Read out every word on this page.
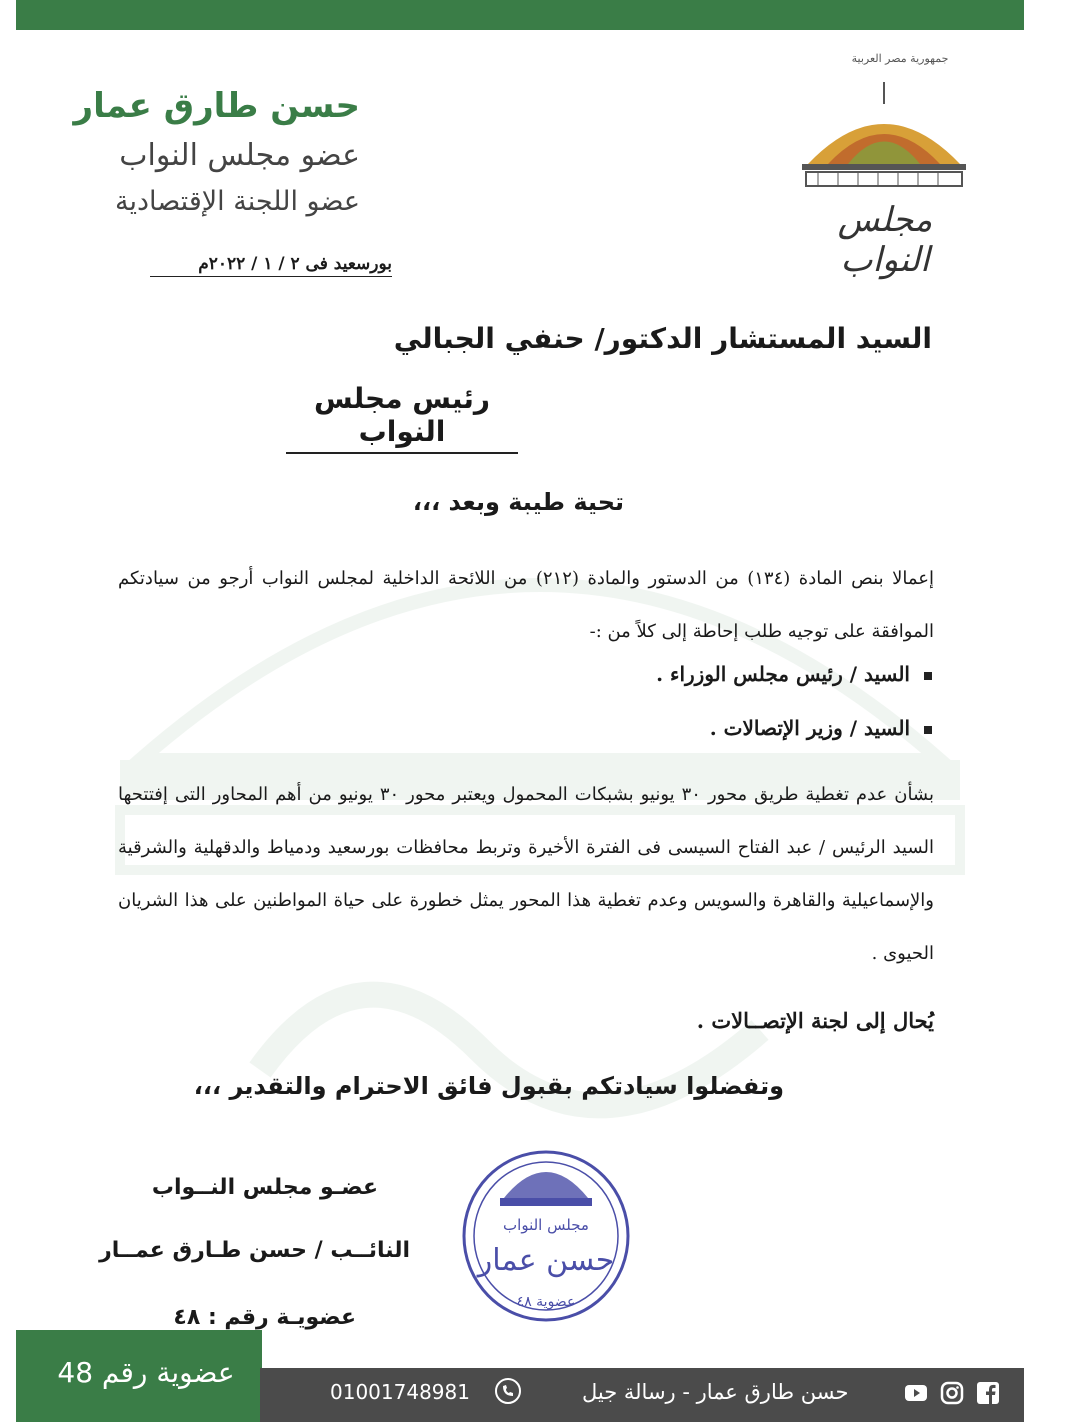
جمهورية مصر العربية
مجلس النواب
حسن طارق عمار
عضو مجلس النواب
عضو اللجنة الإقتصادية
بورسعيد فى ٢ / ١ / ٢٠٢٢م
السيد المستشار الدكتور/ حنفي الجبالي
رئيس مجلس النواب
تحية طيبة وبعد ،،،
إعمالا بنص المادة (١٣٤) من الدستور والمادة (٢١٢) من اللائحة الداخلية لمجلس النواب أرجو من سيادتكم الموافقة على توجيه طلب إحاطة إلى كلاً من :-
السيد / رئيس مجلس الوزراء .
السيد / وزير الإتصالات .
بشأن عدم تغطية طريق محور ٣٠ يونيو بشبكات المحمول ويعتبر محور ٣٠ يونيو من أهم المحاور التى إفتتحها السيد الرئيس / عبد الفتاح السيسى فى الفترة الأخيرة وتربط محافظات بورسعيد ودمياط والدقهلية والشرقية والإسماعيلية والقاهرة والسويس وعدم تغطية هذا المحور يمثل خطورة على حياة المواطنين على هذا الشريان الحيوى .
يُحال إلى لجنة الإتصــالات .
وتفضلوا سيادتكم بقبول فائق الاحترام والتقدير ،،،
عضـو مجلس النــواب
النائــب / حسن طـارق عمــار
عضويـة رقم : ٤٨
مجلس النواب
حسن عمار
عضوية ٤٨
عضوية رقم 48
01001748981	حسن طارق عمار - رسالة جيل
